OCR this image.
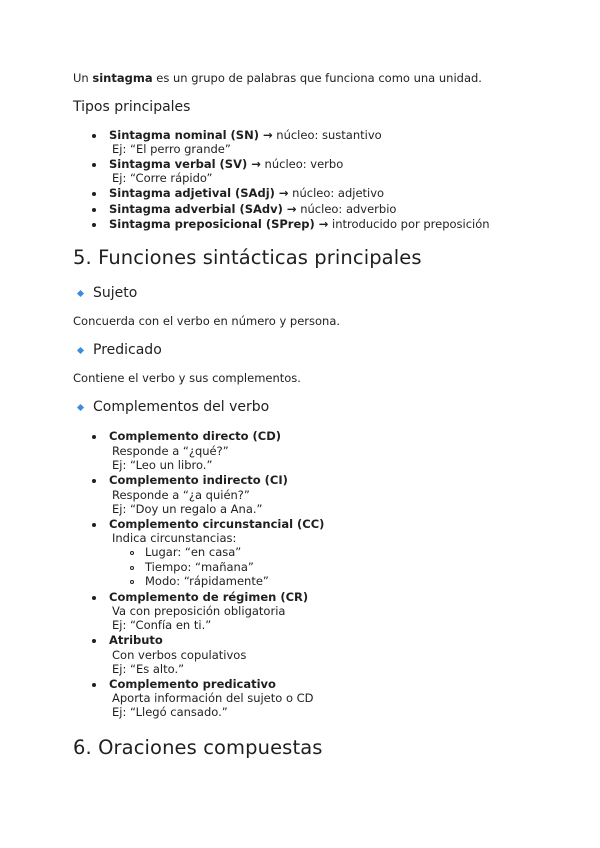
Un sintagma es un grupo de palabras que funciona como una unidad.
Tipos principales
Sintagma nominal (SN) → núcleo: sustantivo
Ej: “El perro grande”
Sintagma verbal (SV) → núcleo: verbo
Ej: “Corre rápido”
Sintagma adjetival (SAdj) → núcleo: adjetivo
Sintagma adverbial (SAdv) → núcleo: adverbio
Sintagma preposicional (SPrep) → introducido por preposición
5. Funciones sintácticas principales
Sujeto
Concuerda con el verbo en número y persona.
Predicado
Contiene el verbo y sus complementos.
Complementos del verbo
Complemento directo (CD)
Responde a “¿qué?”
Ej: “Leo un libro.”
Complemento indirecto (CI)
Responde a “¿a quién?”
Ej: “Doy un regalo a Ana.”
Complemento circunstancial (CC)
Indica circunstancias:
Lugar: “en casa”
Tiempo: “mañana”
Modo: “rápidamente”
Complemento de régimen (CR)
Va con preposición obligatoria
Ej: “Confía en ti.”
Atributo
Con verbos copulativos
Ej: “Es alto.”
Complemento predicativo
Aporta información del sujeto o CD
Ej: “Llegó cansado.”
6. Oraciones compuestas
